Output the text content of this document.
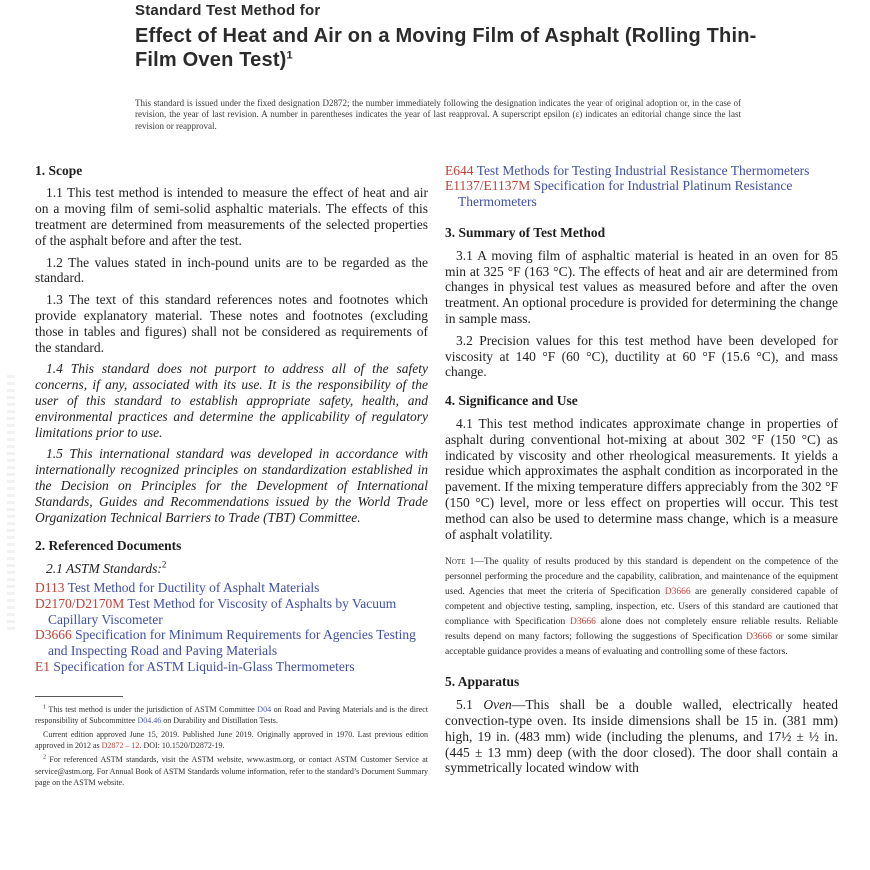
Standard Test Method for
Effect of Heat and Air on a Moving Film of Asphalt (Rolling Thin-Film Oven Test)$^1$

This standard is issued under the fixed designation D2872; the number immediately following the designation indicates the year of original adoption or, in the case of revision, the year of last revision. A number in parentheses indicates the year of last reapproval. A superscript epsilon (ε) indicates an editorial change since the last revision or reapproval.

1. Scope

1.1 This test method is intended to measure the effect of heat and air on a moving film of semi-solid asphaltic materials. The effects of this treatment are determined from measurements of the selected properties of the asphalt before and after the test.

1.2 The values stated in inch-pound units are to be regarded as the standard.

1.3 The text of this standard references notes and footnotes which provide explanatory material. These notes and footnotes (excluding those in tables and figures) shall not be considered as requirements of the standard.

1.4 This standard does not purport to address all of the safety concerns, if any, associated with its use. It is the responsibility of the user of this standard to establish appropriate safety, health, and environmental practices and determine the applicability of regulatory limitations prior to use.

1.5 This international standard was developed in accordance with internationally recognized principles on standardization established in the Decision on Principles for the Development of International Standards, Guides and Recommendations issued by the World Trade Organization Technical Barriers to Trade (TBT) Committee.

2. Referenced Documents

2.1 ASTM Standards:$^2$

D113 Test Method for Ductility of Asphalt Materials

D2170/D2170M Test Method for Viscosity of Asphalts by Vacuum Capillary Viscometer

D3666 Specification for Minimum Requirements for Agencies Testing and Inspecting Road and Paving Materials

E1 Specification for ASTM Liquid-in-Glass Thermometers

$^1$ This test method is under the jurisdiction of ASTM Committee D04 on Road and Paving Materials and is the direct responsibility of Subcommittee D04.46 on Durability and Distillation Tests.

Current edition approved June 15, 2019. Published June 2019. Originally approved in 1970. Last previous edition approved in 2012 as D2872 – 12. DOI: 10.1520/D2872-19.

$^2$ For referenced ASTM standards, visit the ASTM website, www.astm.org, or contact ASTM Customer Service at service@astm.org. For Annual Book of ASTM Standards volume information, refer to the standard’s Document Summary page on the ASTM website.

E644 Test Methods for Testing Industrial Resistance Thermometers

E1137/E1137M Specification for Industrial Platinum Resistance Thermometers

3. Summary of Test Method

3.1 A moving film of asphaltic material is heated in an oven for 85 min at 325 °F (163 °C). The effects of heat and air are determined from changes in physical test values as measured before and after the oven treatment. An optional procedure is provided for determining the change in sample mass.

3.2 Precision values for this test method have been developed for viscosity at 140 °F (60 °C), ductility at 60 °F (15.6 °C), and mass change.

4. Significance and Use

4.1 This test method indicates approximate change in properties of asphalt during conventional hot-mixing at about 302 °F (150 °C) as indicated by viscosity and other rheological measurements. It yields a residue which approximates the asphalt condition as incorporated in the pavement. If the mixing temperature differs appreciably from the 302 °F (150 °C) level, more or less effect on properties will occur. This test method can also be used to determine mass change, which is a measure of asphalt volatility.

Note 1—The quality of results produced by this standard is dependent on the competence of the personnel performing the procedure and the capability, calibration, and maintenance of the equipment used. Agencies that meet the criteria of Specification D3666 are generally considered capable of competent and objective testing, sampling, inspection, etc. Users of this standard are cautioned that compliance with Specification D3666 alone does not completely ensure reliable results. Reliable results depend on many factors; following the suggestions of Specification D3666 or some similar acceptable guidance provides a means of evaluating and controlling some of these factors.

5. Apparatus

5.1 Oven—This shall be a double walled, electrically heated convection-type oven. Its inside dimensions shall be 15 in. (381 mm) high, 19 in. (483 mm) wide (including the plenums, and 17½ ± ½ in. (445 ± 13 mm) deep (with the door closed). The door shall contain a symmetrically located window with
